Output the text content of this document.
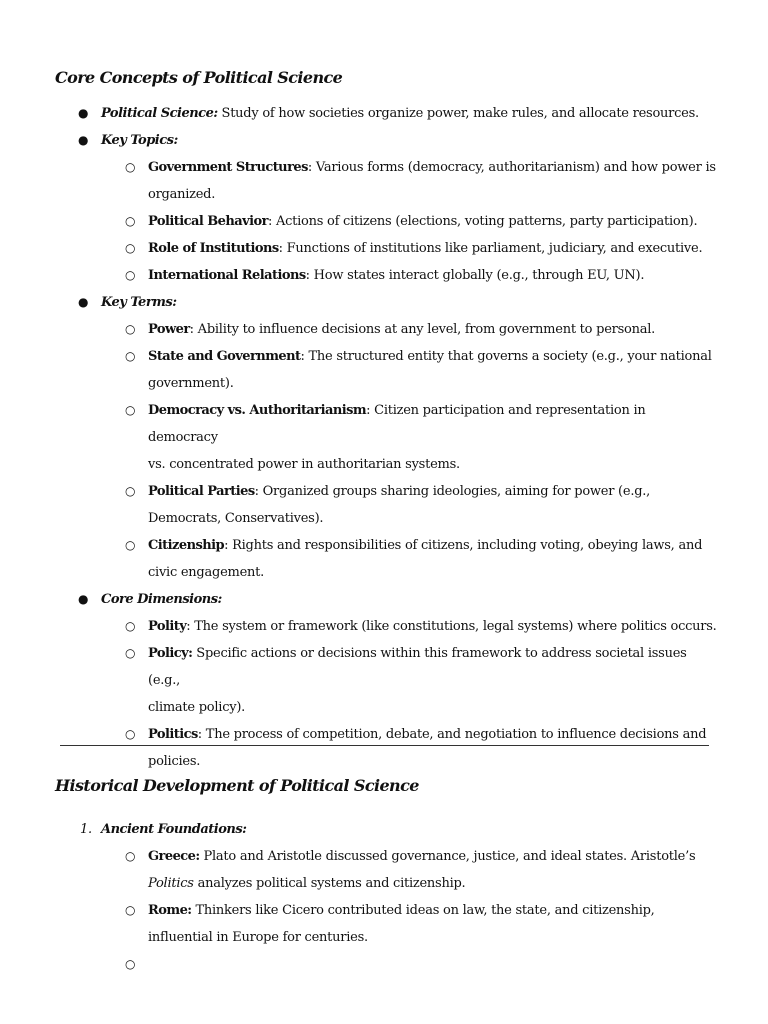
Core Concepts of Political Science
● Political Science: Study of how societies organize power, make rules, and allocate resources.
● Key Topics:
○ Government Structures: Various forms (democracy, authoritarianism) and how power is
organized.
○ Political Behavior: Actions of citizens (elections, voting patterns, party participation).
○ Role of Institutions: Functions of institutions like parliament, judiciary, and executive.
○ International Relations: How states interact globally (e.g., through EU, UN).
● Key Terms:
○ Power: Ability to influence decisions at any level, from government to personal.
○ State and Government: The structured entity that governs a society (e.g., your national
government).
○ Democracy vs. Authoritarianism: Citizen participation and representation in democracy
vs. concentrated power in authoritarian systems.
○ Political Parties: Organized groups sharing ideologies, aiming for power (e.g.,
Democrats, Conservatives).
○ Citizenship: Rights and responsibilities of citizens, including voting, obeying laws, and
civic engagement.
● Core Dimensions:
○ Polity: The system or framework (like constitutions, legal systems) where politics occurs.
○ Policy: Specific actions or decisions within this framework to address societal issues (e.g.,
climate policy).
○ Politics: The process of competition, debate, and negotiation to influence decisions and
policies.
Historical Development of Political Science
1. Ancient Foundations:
○ Greece: Plato and Aristotle discussed governance, justice, and ideal states. Aristotle’s
Politics analyzes political systems and citizenship.
○ Rome: Thinkers like Cicero contributed ideas on law, the state, and citizenship,
influential in Europe for centuries.
○
